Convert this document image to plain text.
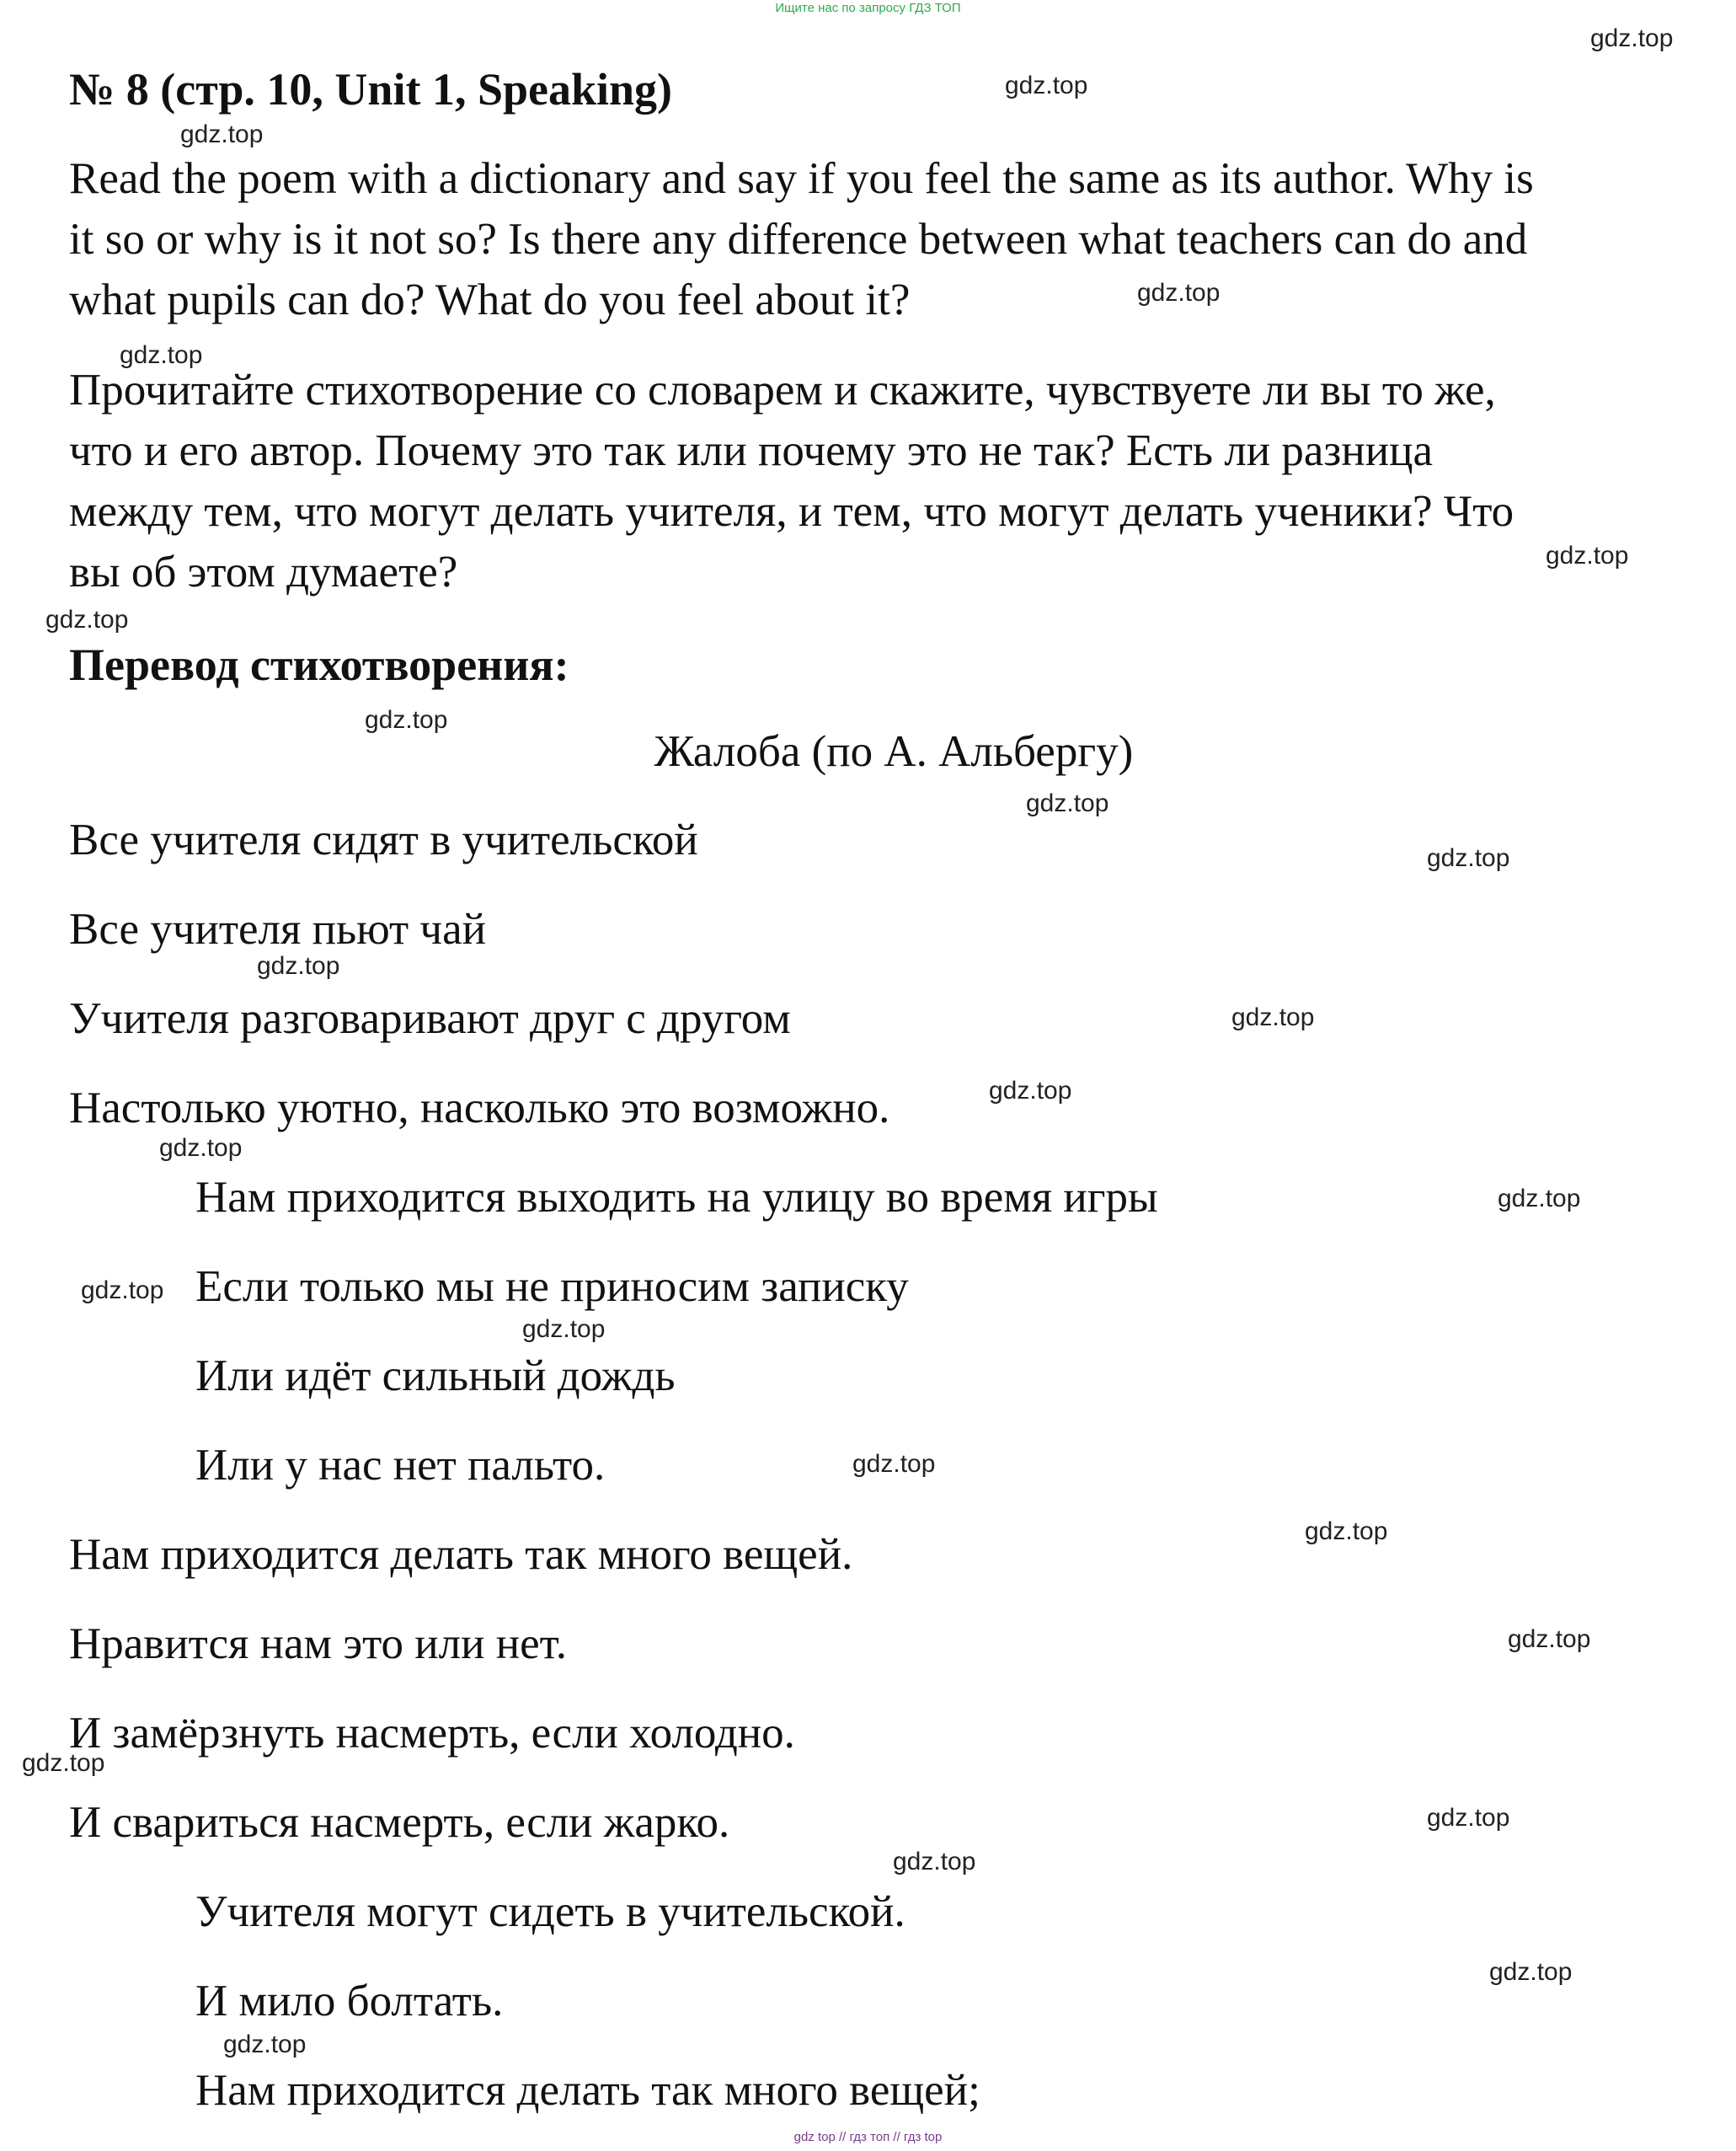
Ищите нас по запросу ГДЗ ТОП
№ 8 (стр. 10, Unit 1, Speaking)
Read the poem with a dictionary and say if you feel the same as its author. Why is
it so or why is it not so? Is there any difference between what teachers can do and
what pupils can do? What do you feel about it?
Прочитайте стихотворение со словарем и скажите, чувствуете ли вы то же,
что и его автор. Почему это так или почему это не так? Есть ли разница
между тем, что могут делать учителя, и тем, что могут делать ученики? Что
вы об этом думаете?
Перевод стихотворения:
Жалоба (по А. Альбергу)
Все учителя сидят в учительской
Все учителя пьют чай
Учителя разговаривают друг с другом
Настолько уютно, насколько это возможно.
Нам приходится выходить на улицу во время игры
Если только мы не приносим записку
Или идёт сильный дождь
Или у нас нет пальто.
Нам приходится делать так много вещей.
Нравится нам это или нет.
И замёрзнуть насмерть, если холодно.
И свариться насмерть, если жарко.
Учителя могут сидеть в учительской.
И мило болтать.
Нам приходится делать так много вещей;
gdz.top
gdz.top
gdz.top
gdz.top
gdz.top
gdz.top
gdz.top
gdz.top
gdz.top
gdz.top
gdz.top
gdz.top
gdz.top
gdz.top
gdz.top
gdz.top
gdz.top
gdz.top
gdz.top
gdz.top
gdz.top
gdz.top
gdz.top
gdz.top
gdz.top
gdz top // гдз топ // гдз top
